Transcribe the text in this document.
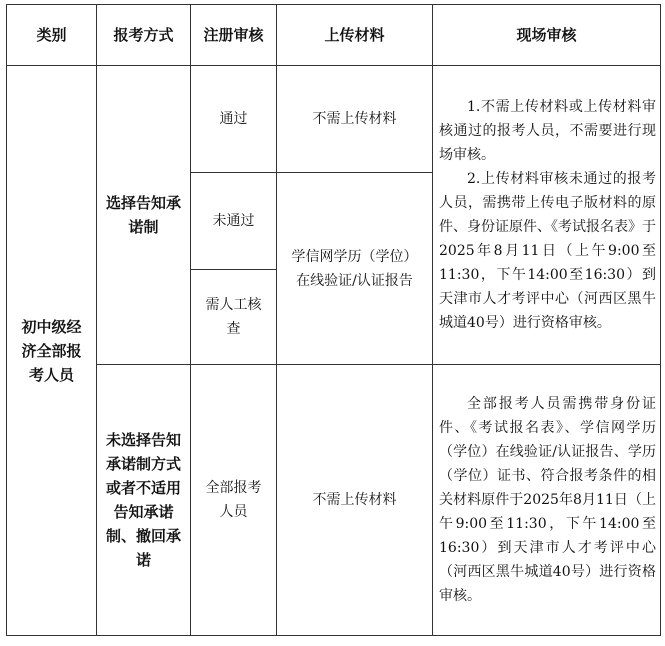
类别	报考方式	注册审核	上传材料	现场审核
初中级经济全部报考人员	选择告知承诺制	通过	不需上传材料	1.不需上传材料或上传材料审核通过的报考人员，不需要进行现场审核。

2.上传材料审核未通过的报考人员，需携带上传电子版材料的原件、身份证原件、《考试报名表》于2025年8月11日（上午9:00至11:30，下午14:00至16:30）到天津市人才考评中心（河西区黑牛城道40号）进行资格审核。

		未通过	学信网学历（学位）在线验证/认证报告	
		需人工核查		
	未选择告知承诺制方式或者不适用告知承诺制、撤回承诺	全部报考人员	不需上传材料	全部报考人员需携带身份证件、《考试报名表》、学信网学历（学位）在线验证/认证报告、学历（学位）证书、符合报考条件的相关材料原件于2025年8月11日（上午9:00至11:30，下午14:00至16:30）到天津市人才考评中心（河西区黑牛城道40号）进行资格审核。
